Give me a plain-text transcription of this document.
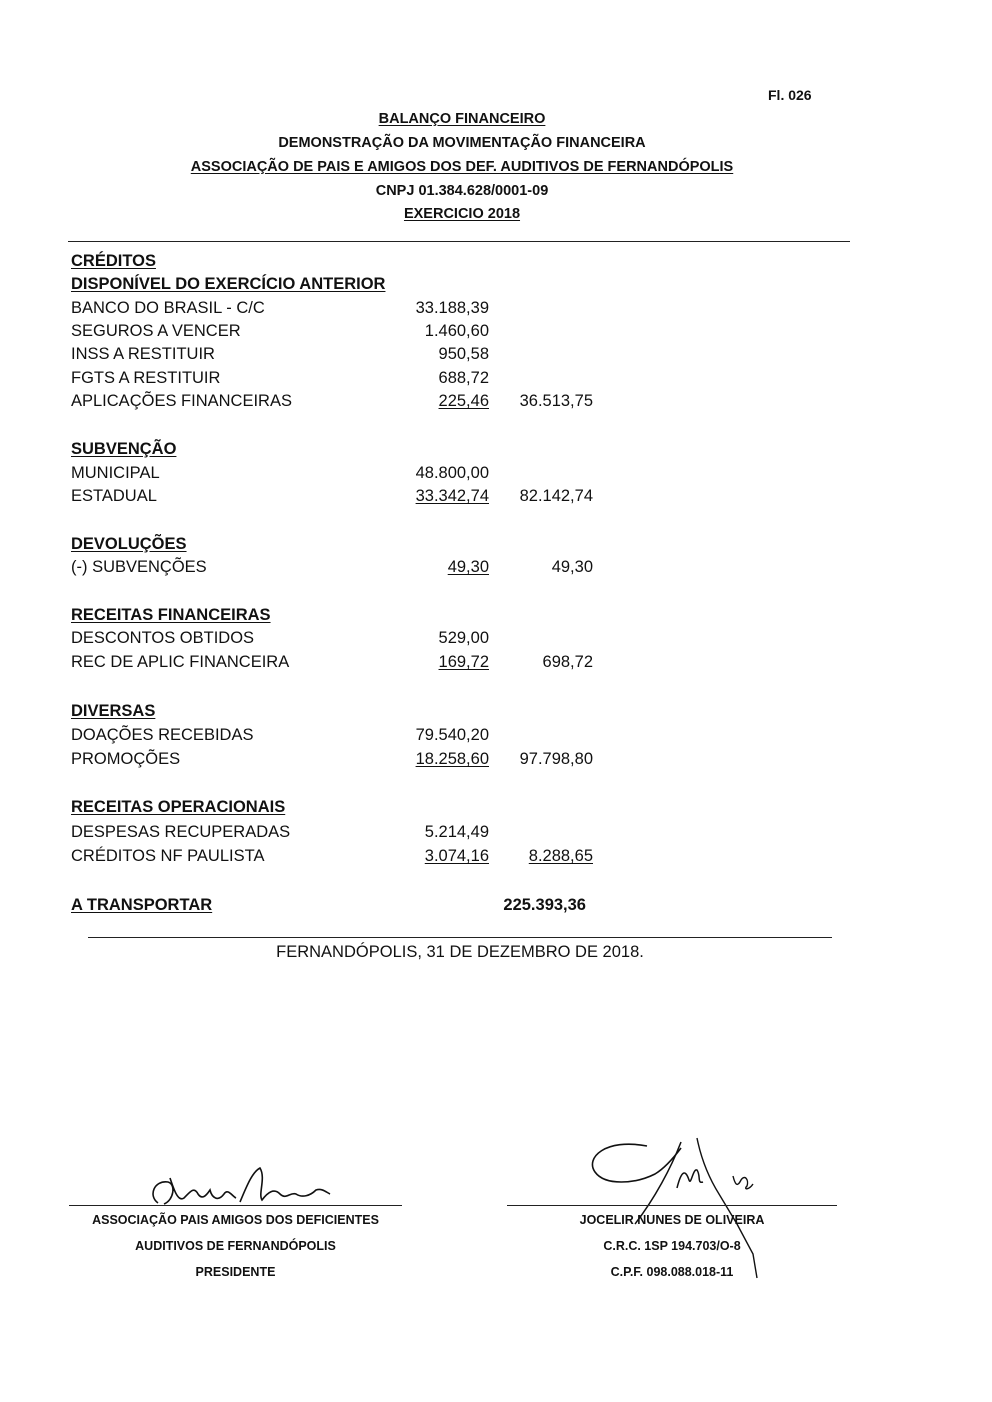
Fl. 026
BALANÇO FINANCEIRO
DEMONSTRAÇÃO DA MOVIMENTAÇÃO FINANCEIRA
ASSOCIAÇÃO DE PAIS E AMIGOS DOS DEF. AUDITIVOS DE FERNANDÓPOLIS
CNPJ 01.384.628/0001-09
EXERCICIO 2018
CRÉDITOS
DISPONÍVEL DO EXERCÍCIO ANTERIOR
BANCO DO BRASIL - C/C	33.188,39
SEGUROS A VENCER	1.460,60
INSS A RESTITUIR	950,58
FGTS A RESTITUIR	688,72
APLICAÇÕES FINANCEIRAS	225,46 36.513,75
SUBVENÇÃO
MUNICIPAL	48.800,00
ESTADUAL	33.342,74 82.142,74
DEVOLUÇÕES
(-) SUBVENÇÕES	49,30	49,30
RECEITAS FINANCEIRAS
DESCONTOS OBTIDOS	529,00
REC DE APLIC FINANCEIRA	169,72	698,72
DIVERSAS
DOAÇÕES RECEBIDAS	79.540,20
PROMOÇÕES	18.258,60 97.798,80
RECEITAS OPERACIONAIS
DESPESAS RECUPERADAS	5.214,49
CRÉDITOS NF PAULISTA	3.074,16 8.288,65
A TRANSPORTAR	225.393,36
FERNANDÓPOLIS, 31 DE DEZEMBRO DE 2018.
ASSOCIAÇÃO PAIS AMIGOS DOS DEFICIENTES
AUDITIVOS DE FERNANDÓPOLIS
PRESIDENTE
JOCELIR NUNES DE OLIVEIRA
C.R.C. 1SP 194.703/O-8
C.P.F. 098.088.018-11
